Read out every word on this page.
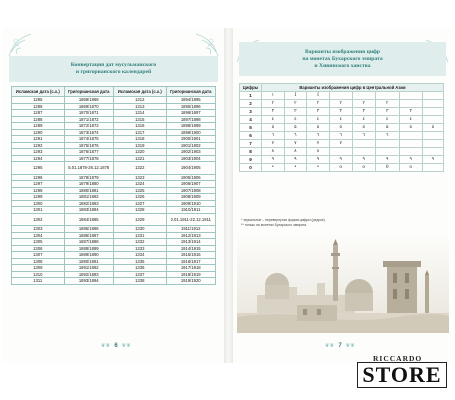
Конвертация дат мусульманского
и григорианского календарей
Исламская дата (с.х.)	Григорианская дата	Исламская дата (с.х.)	Григорианская дата
1285	1868/1869	1312	1894/1895
1286	1869/1870	1313	1895/1896
1287	1870/1871	1314	1896/1897
1288	1871/1872	1315	1897/1898
1289	1872/1873	1316	1898/1899
1290	1873/1874	1317	1899/1900
1291	1874/1875	1318	1900/1901
1292	1875/1876	1319	1901/1902
1293	1876/1877	1320	1902/1903
1294	1877/1878	1321	1903/1904
1295	5.01.1878-26.12.1878	1322	1904/1905
1296	1878/1879	1323	1905/1906
1297	1879/1880	1324	1906/1907
1298	1880/1881	1325	1907/1908
1299	1881/1882	1326	1908/1909
1300	1882/1883	1327	1909/1910
1301	1883/1884	1328	1910/1911
1302	1884/1885	1329	2.01.1911-22.12.1911
1303	1885/1886	1330	1911/1912
1304	1886/1887	1331	1912/1913
1305	1887/1888	1332	1913/1914
1306	1888/1889	1333	1914/1915
1307	1889/1890	1334	1915/1916
1308	1890/1891	1335	1916/1917
1309	1891/1892	1336	1917/1918
1310	1892/1893	1337	1918/1919
1311	1893/1894	1338	1919/1920
❦❦ 6 ❦❦
Варианты изображения цифр
на монетах Бухарского эмирата
и Хивинского ханства
Цифры	Варианты изображения цифр в Центральной Азии							
1	١	I	I					
2	٢	٢	٢	٢	٢	٢		
3	٣	٣	٣	٣	٣	٣	٣	
4	٤	٤	٤	٤	٤	٤	٤	
5	٥	۵	٥	٥	٥	۵	٥	٥
6	٦	٦	٦	٦	٦	٦		
7	٧	٧	٧	٧				
8	٨	٨	٨					
9	٩	٩	٩	٩	٩	٩	٩	٩
0	•	•	•	o	o	0	o	
* зеркальное – перевернутая форма цифры (редкое).
** только на монетах Бухарского эмирата.
❦❦ 7 ❦❦
RICCARDO
STORE
